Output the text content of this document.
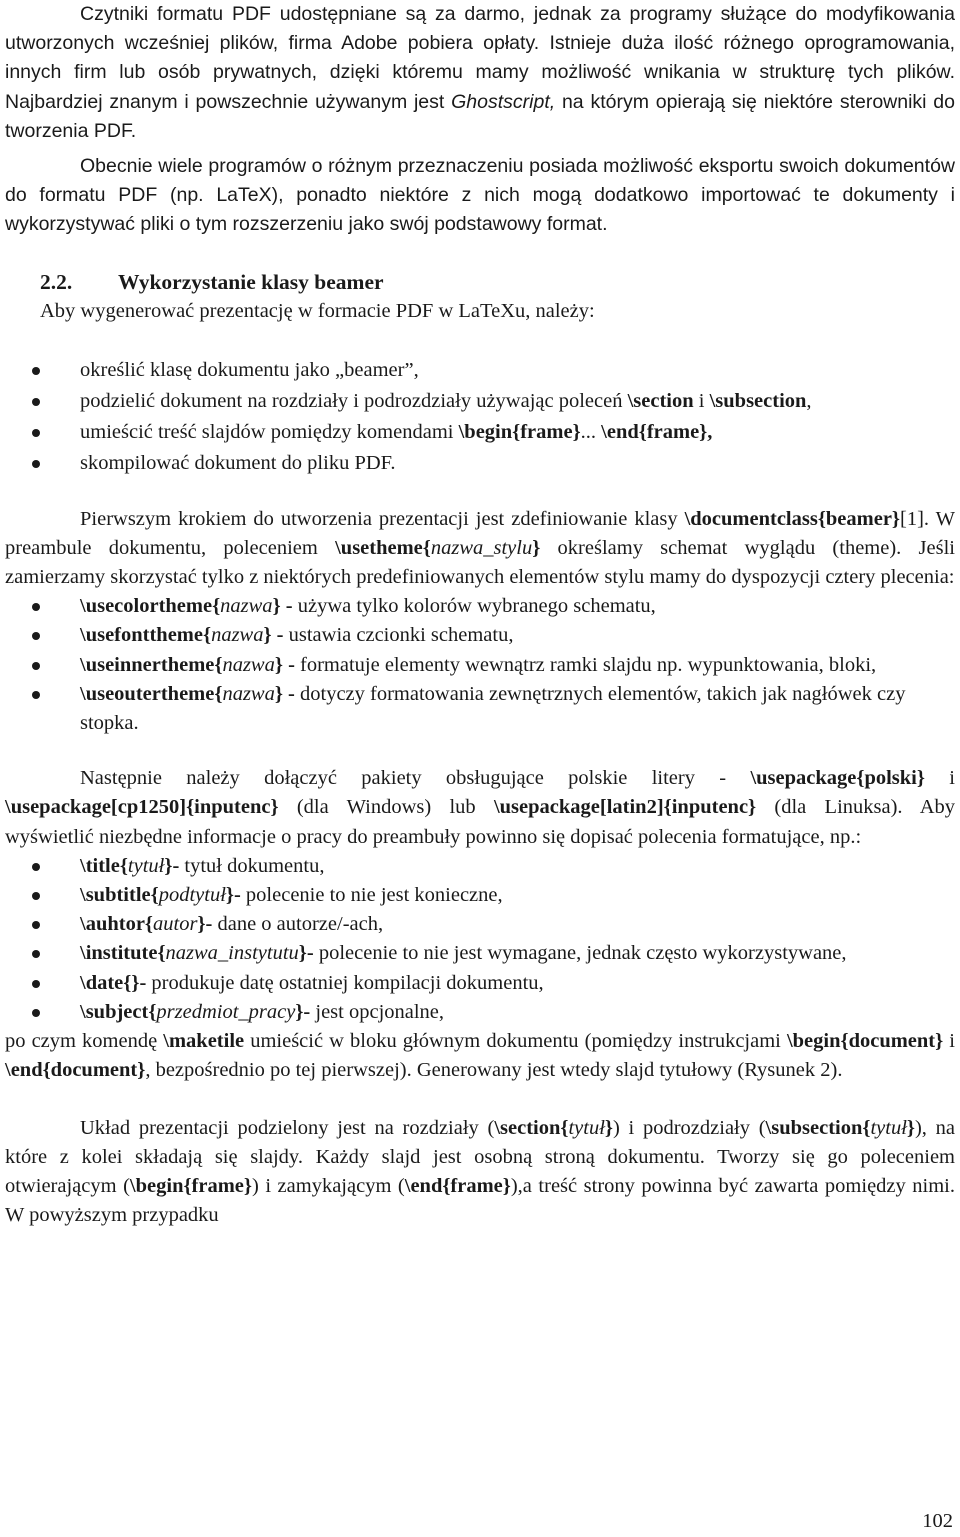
Czytniki formatu PDF udostępniane są za darmo, jednak za programy służące do modyfikowania utworzonych wcześniej plików, firma Adobe pobiera opłaty. Istnieje duża ilość różnego oprogramowania, innych firm lub osób prywatnych, dzięki któremu mamy możliwość wnikania w strukturę tych plików. Najbardziej znanym i powszechnie używanym jest Ghostscript, na którym opierają się niektóre sterowniki do tworzenia PDF.

Obecnie wiele programów o różnym przeznaczeniu posiada możliwość eksportu swoich dokumentów do formatu PDF (np. LaTeX), ponadto niektóre z nich mogą dodatkowo importować te dokumenty i wykorzystywać pliki o tym rozszerzeniu jako swój podstawowy format.

2.2. Wykorzystanie klasy beamer

Aby wygenerować prezentację w formacie PDF w LaTeXu, należy:

określić klasę dokumentu jako „beamer”,
podzielić dokument na rozdziały i podrozdziały używając poleceń \section i \subsection,
umieścić treść slajdów pomiędzy komendami \begin{frame}... \end{frame},
skompilować dokument do pliku PDF.

Pierwszym krokiem do utworzenia prezentacji jest zdefiniowanie klasy \documentclass{beamer}[1]. W preambule dokumentu, poleceniem \usetheme{nazwa_stylu} określamy schemat wyglądu (theme). Jeśli zamierzamy skorzystać tylko z niektórych predefiniowanych elementów stylu mamy do dyspozycji cztery plecenia:

\usecolortheme{nazwa} - używa tylko kolorów wybranego schematu,
\usefonttheme{nazwa} - ustawia czcionki schematu,
\useinnertheme{nazwa} - formatuje elementy wewnątrz ramki slajdu np. wypunktowania, bloki,
\useoutertheme{nazwa} - dotyczy formatowania zewnętrznych elementów, takich jak nagłówek czy stopka.

Następnie należy dołączyć pakiety obsługujące polskie litery - \usepackage{polski} i \usepackage[cp1250]{inputenc} (dla Windows) lub \usepackage[latin2]{inputenc} (dla Linuksa). Aby wyświetlić niezbędne informacje o pracy do preambuły powinno się dopisać polecenia formatujące, np.:

\title{tytuł}- tytuł dokumentu,
\subtitle{podtytuł}- polecenie to nie jest konieczne,
\auhtor{autor}- dane o autorze/-ach,
\institute{nazwa_instytutu}- polecenie to nie jest wymagane, jednak często wykorzystywane,
\date{}- produkuje datę ostatniej kompilacji dokumentu,
\subject{przedmiot_pracy}- jest opcjonalne,

po czym komendę \maketile umieścić w bloku głównym dokumentu (pomiędzy instrukcjami \begin{document} i \end{document}, bezpośrednio po tej pierwszej). Generowany jest wtedy slajd tytułowy (Rysunek 2).

Układ prezentacji podzielony jest na rozdziały (\section{tytuł}) i podrozdziały (\subsection{tytuł}), na które z kolei składają się slajdy. Każdy slajd jest osobną stroną dokumentu. Tworzy się go poleceniem otwierającym (\begin{frame}) i zamykającym (\end{frame}),a treść strony powinna być zawarta pomiędzy nimi. W powyższym przypadku

102
